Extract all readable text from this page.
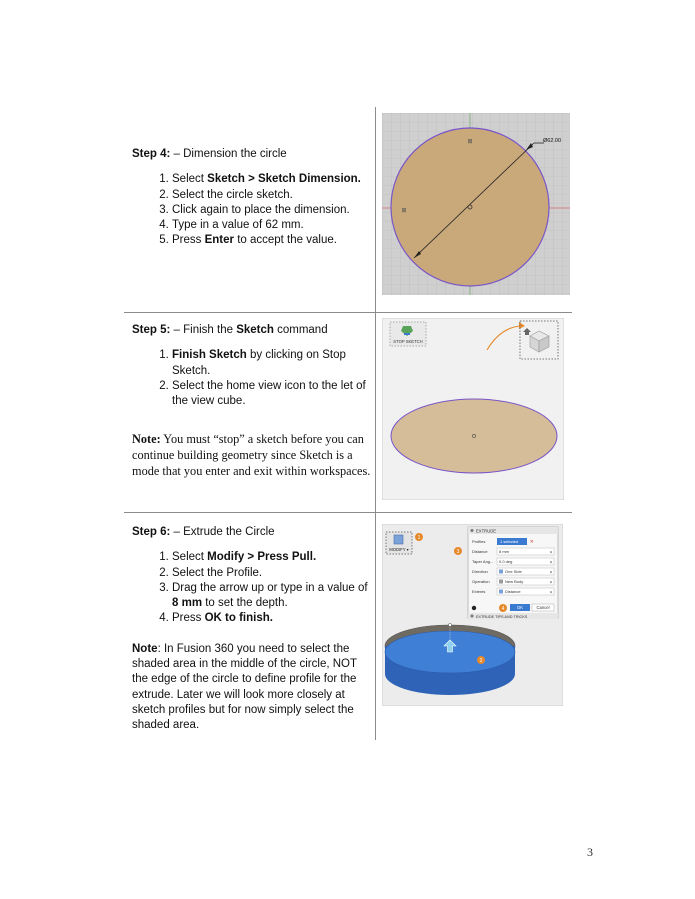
Step 4: – Dimension the circle

1. Select Sketch > Sketch Dimension.
2. Select the circle sketch.
3. Click again to place the dimension.
4. Type in a value of 62 mm.
5. Press Enter to accept the value.
Ø62.00
⊠
⊠

Step 5: – Finish the Sketch command

1. Finish Sketch by clicking on Stop Sketch.
2. Select the home view icon to the let of the view cube.

Note: You must “stop” a sketch before you can continue building geometry since Sketch is a mode that you enter and exit within workspaces.

STOP SKETCH

Step 6: – Extrude the Circle

1. Select Modify > Press Pull.
2. Select the Profile.
3. Drag the arrow up or type in a value of 8 mm to set the depth.
4. Press OK to finish.

Note: In Fusion 360 you need to select the shaded area in the middle of the circle, NOT the edge of the circle to define profile for the extrude. Later we will look more closely at sketch profiles but for now simply select the shaded area.

MODIFY ▾
1
EXTRUDE
Profiles	1 selected ×
Distance	8 mm	▾
Taper Ang... 0.0 deg	▾
Direction	One Side	▾
Operation	New Body	▾
Extents	Distance	▾
OK	Cancel
EXTRUDE TIPS AND TRICKS
3
4
2
3
